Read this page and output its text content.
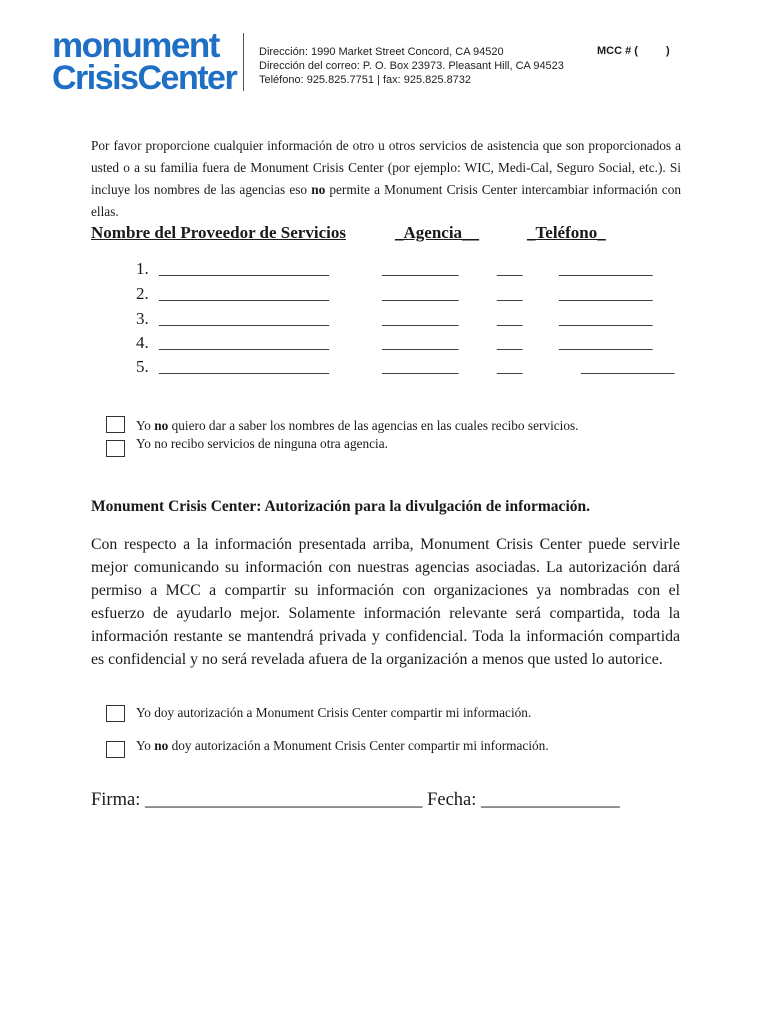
monument
CrisisCenter
Dirección: 1990 Market Street Concord, CA 94520
Dirección del correo: P. O. Box 23973. Pleasant Hill, CA 94523
Teléfono: 925.825.7751 | fax: 925.825.8732
MCC # (	)
Por favor proporcione cualquier información de otro u otros servicios de asistencia que son proporcionados a usted o a su familia fuera de Monument Crisis Center (por ejemplo: WIC, Medi-Cal, Seguro Social, etc.). Si incluye los nombres de las agencias eso no permite a Monument Crisis Center intercambiar información con ellas.
Nombre del Proveedor de Servicios	_Agencia__	_Teléfono_
1. ____________________	_________ ___ ___________
2. ____________________	_________ ___ ___________
3. ____________________	_________ ___ ___________
4. ____________________	_________ ___ ___________
5. ____________________	_________ ___	___________
Yo no quiero dar a saber los nombres de las agencias en las cuales recibo servicios.
Yo no recibo servicios de ninguna otra agencia.
Monument Crisis Center: Autorización para la divulgación de información.
Con respecto a la información presentada arriba, Monument Crisis Center puede servirle mejor comunicando su información con nuestras agencias asociadas. La autorización dará permiso a MCC a compartir su información con organizaciones ya nombradas con el esfuerzo de ayudarlo mejor. Solamente información relevante será compartida, toda la información restante se mantendrá privada y confidencial. Toda la información compartida es confidencial y no será revelada afuera de la organización a menos que usted lo autorice.
Yo doy autorización a Monument Crisis Center compartir mi información.
Yo no doy autorización a Monument Crisis Center compartir mi información.
Firma: ______________________________ Fecha: _______________
